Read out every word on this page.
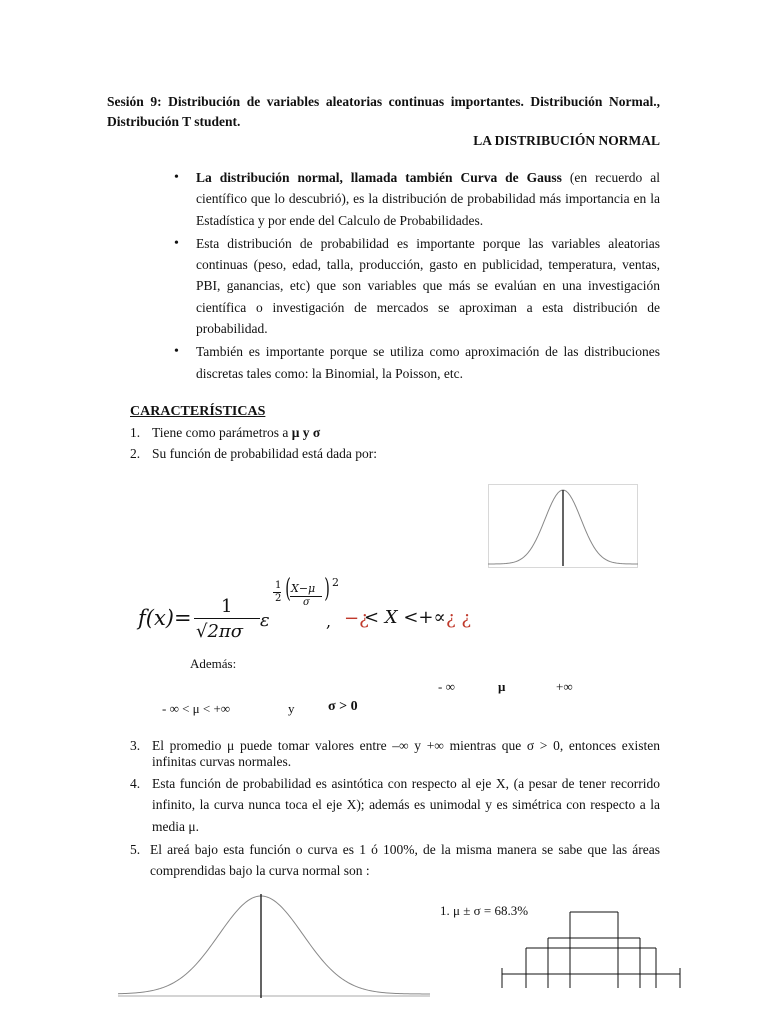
Sesión 9: Distribución de variables aleatorias continuas importantes. Distribución Normal., Distribución T student.
LA DISTRIBUCIÓN NORMAL
• La distribución normal, llamada también Curva de Gauss (en recuerdo al científico que lo descubrió), es la distribución de probabilidad más importancia en la Estadística y por ende del Calculo de Probabilidades.
• Esta distribución de probabilidad es importante porque las variables aleatorias continuas (peso, edad, talla, producción, gasto en publicidad, temperatura, ventas, PBI, ganancias, etc) que son variables que más se evalúan en una investigación científica o investigación de mercados se aproximan a esta distribución de probabilidad.
• También es importante porque se utiliza como aproximación de las distribuciones discretas tales como: la Binomial, la Poisson, etc.
CARACTERÍSTICAS
1. Tiene como parámetros a μ y σ
2. Su función de probabilidad está dada por:
f(x)= 1
√2πσ
ε
1
2 ( X−μ
σ ) 2
, −¿
< X <+∝ ¿ ¿
Además:
- ∞	μ	+∞
- ∞ < μ < +∞	y σ > 0
3. El promedio μ puede tomar valores entre –∞ y +∞ mientras que σ > 0, entonces existen infinitas curvas normales.
4. Esta función de probabilidad es asintótica con respecto al eje X, (a pesar de tener recorrido infinito, la curva nunca toca el eje X); además es unimodal y es simétrica con respecto a la media μ.
5. El areá bajo esta función o curva es 1 ó 100%, de la misma manera se sabe que las áreas comprendidas bajo la curva normal son :
1. μ ± σ = 68.3%
